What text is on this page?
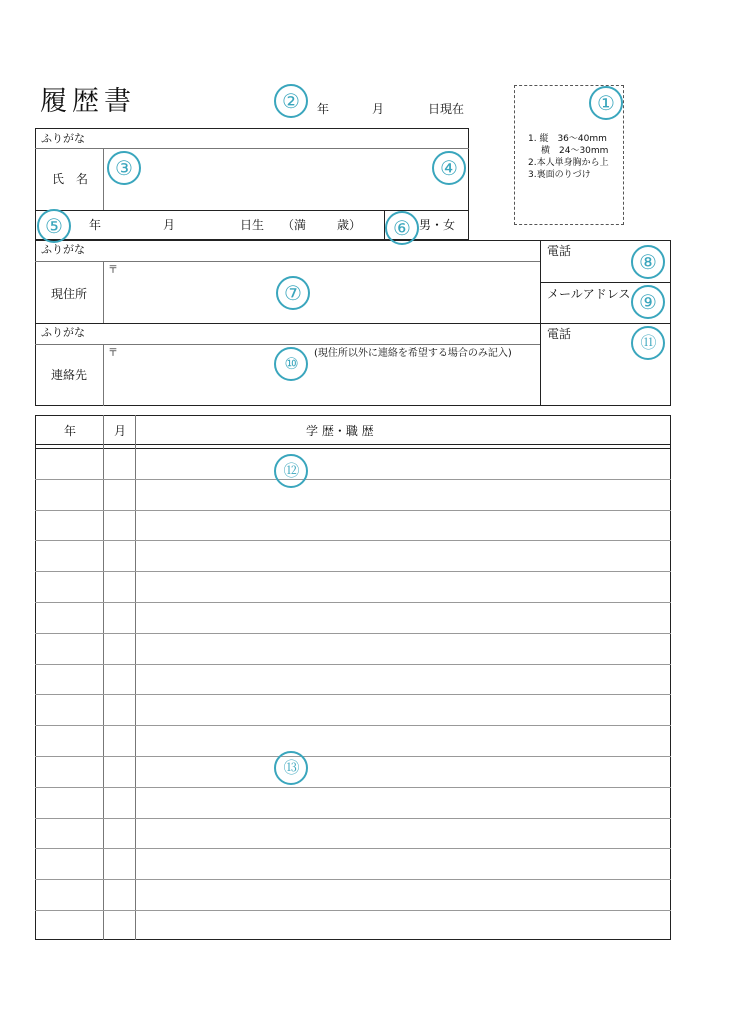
履歴書	年	月	日現在
1. 縦　36〜40mm
横　24〜30mm
2.本人単身胸から上
3.裏面のりづけ
ふりがな
氏　名
年	月	日生 （満	歳）	男・女
ふりがな
〒
現住所
電話
メールアドレス
ふりがな
〒
連絡先
(現住所以外に連絡を希望する場合のみ記入)
電話
年	月	学 歴・職 歴
①
②
③	④
⑤	⑥
⑦
⑧
⑨
⑩
⑪
⑫
⑬
